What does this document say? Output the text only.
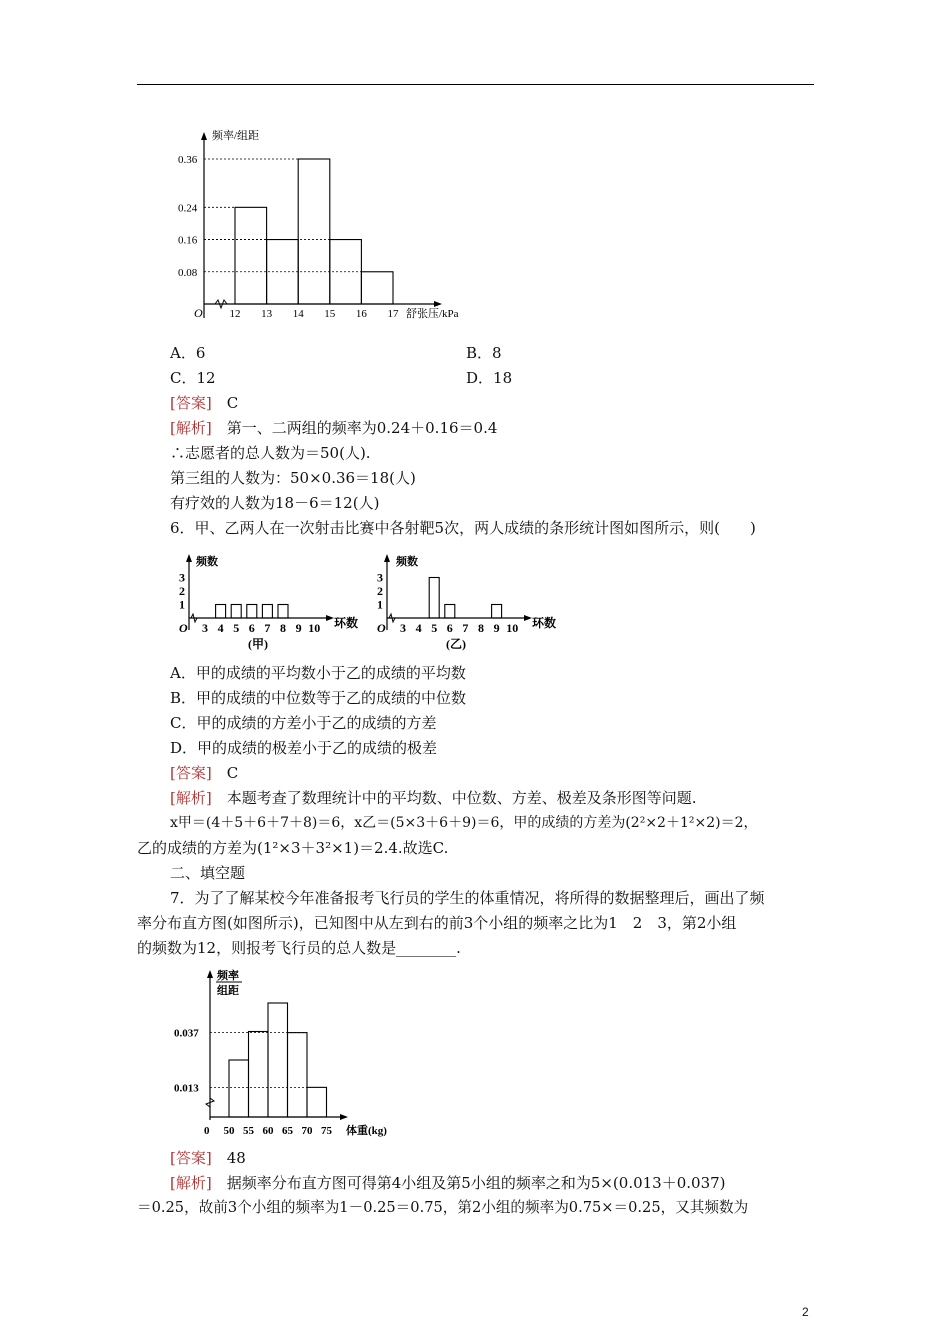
O
频率/组距
舒张压/kPa
0.36
0.24
0.16
0.08
12 13 14 15 16 17
A．6	B．8
C．12	D．18
[答案]　 C
[解析]　 第一、二两组的频率为0.24＋0.16＝0.4
∴志愿者的总人数为＝50(人).
第三组的人数为：50×0.36＝18(人)
有疗效的人数为18－6＝12(人)
6．甲、乙两人在一次射击比赛中各射靶5次，两人成绩的条形统计图如图所示，则(　　)
O
频数
环数
(甲)
3
2
1
3 4 5 6 7 8 9 10	O
频数
环数
(乙)
3
2
1
3 4 5 6 7 8 9 10
A．甲的成绩的平均数小于乙的成绩的平均数
B．甲的成绩的中位数等于乙的成绩的中位数
C．甲的成绩的方差小于乙的成绩的方差
D．甲的成绩的极差小于乙的成绩的极差
[答案]　 C
[解析]　 本题考查了数理统计中的平均数、中位数、方差、极差及条形图等问题.
x甲＝(4＋5＋6＋7＋8)＝6，x乙＝(5×3＋6＋9)＝6，甲的成绩的方差为(2²×2＋1²×2)＝2，
乙的成绩的方差为(1²×3＋3²×1)＝2.4.故选C.
二、填空题
7．为了了解某校今年准备报考飞行员的学生的体重情况，将所得的数据整理后，画出了频
率分布直方图(如图所示)，已知图中从左到右的前3个小组的频率之比为1　2　3，第2小组
的频数为12，则报考飞行员的总人数是________.
频率
组距
0	体重(kg)
0.037
0.013
50 55 60 65 70 75
[答案]　 48
[解析]　 据频率分布直方图可得第4小组及第5小组的频率之和为5×(0.013＋0.037)
＝0.25，故前3个小组的频率为1－0.25＝0.75，第2小组的频率为0.75×＝0.25，又其频数为
2
